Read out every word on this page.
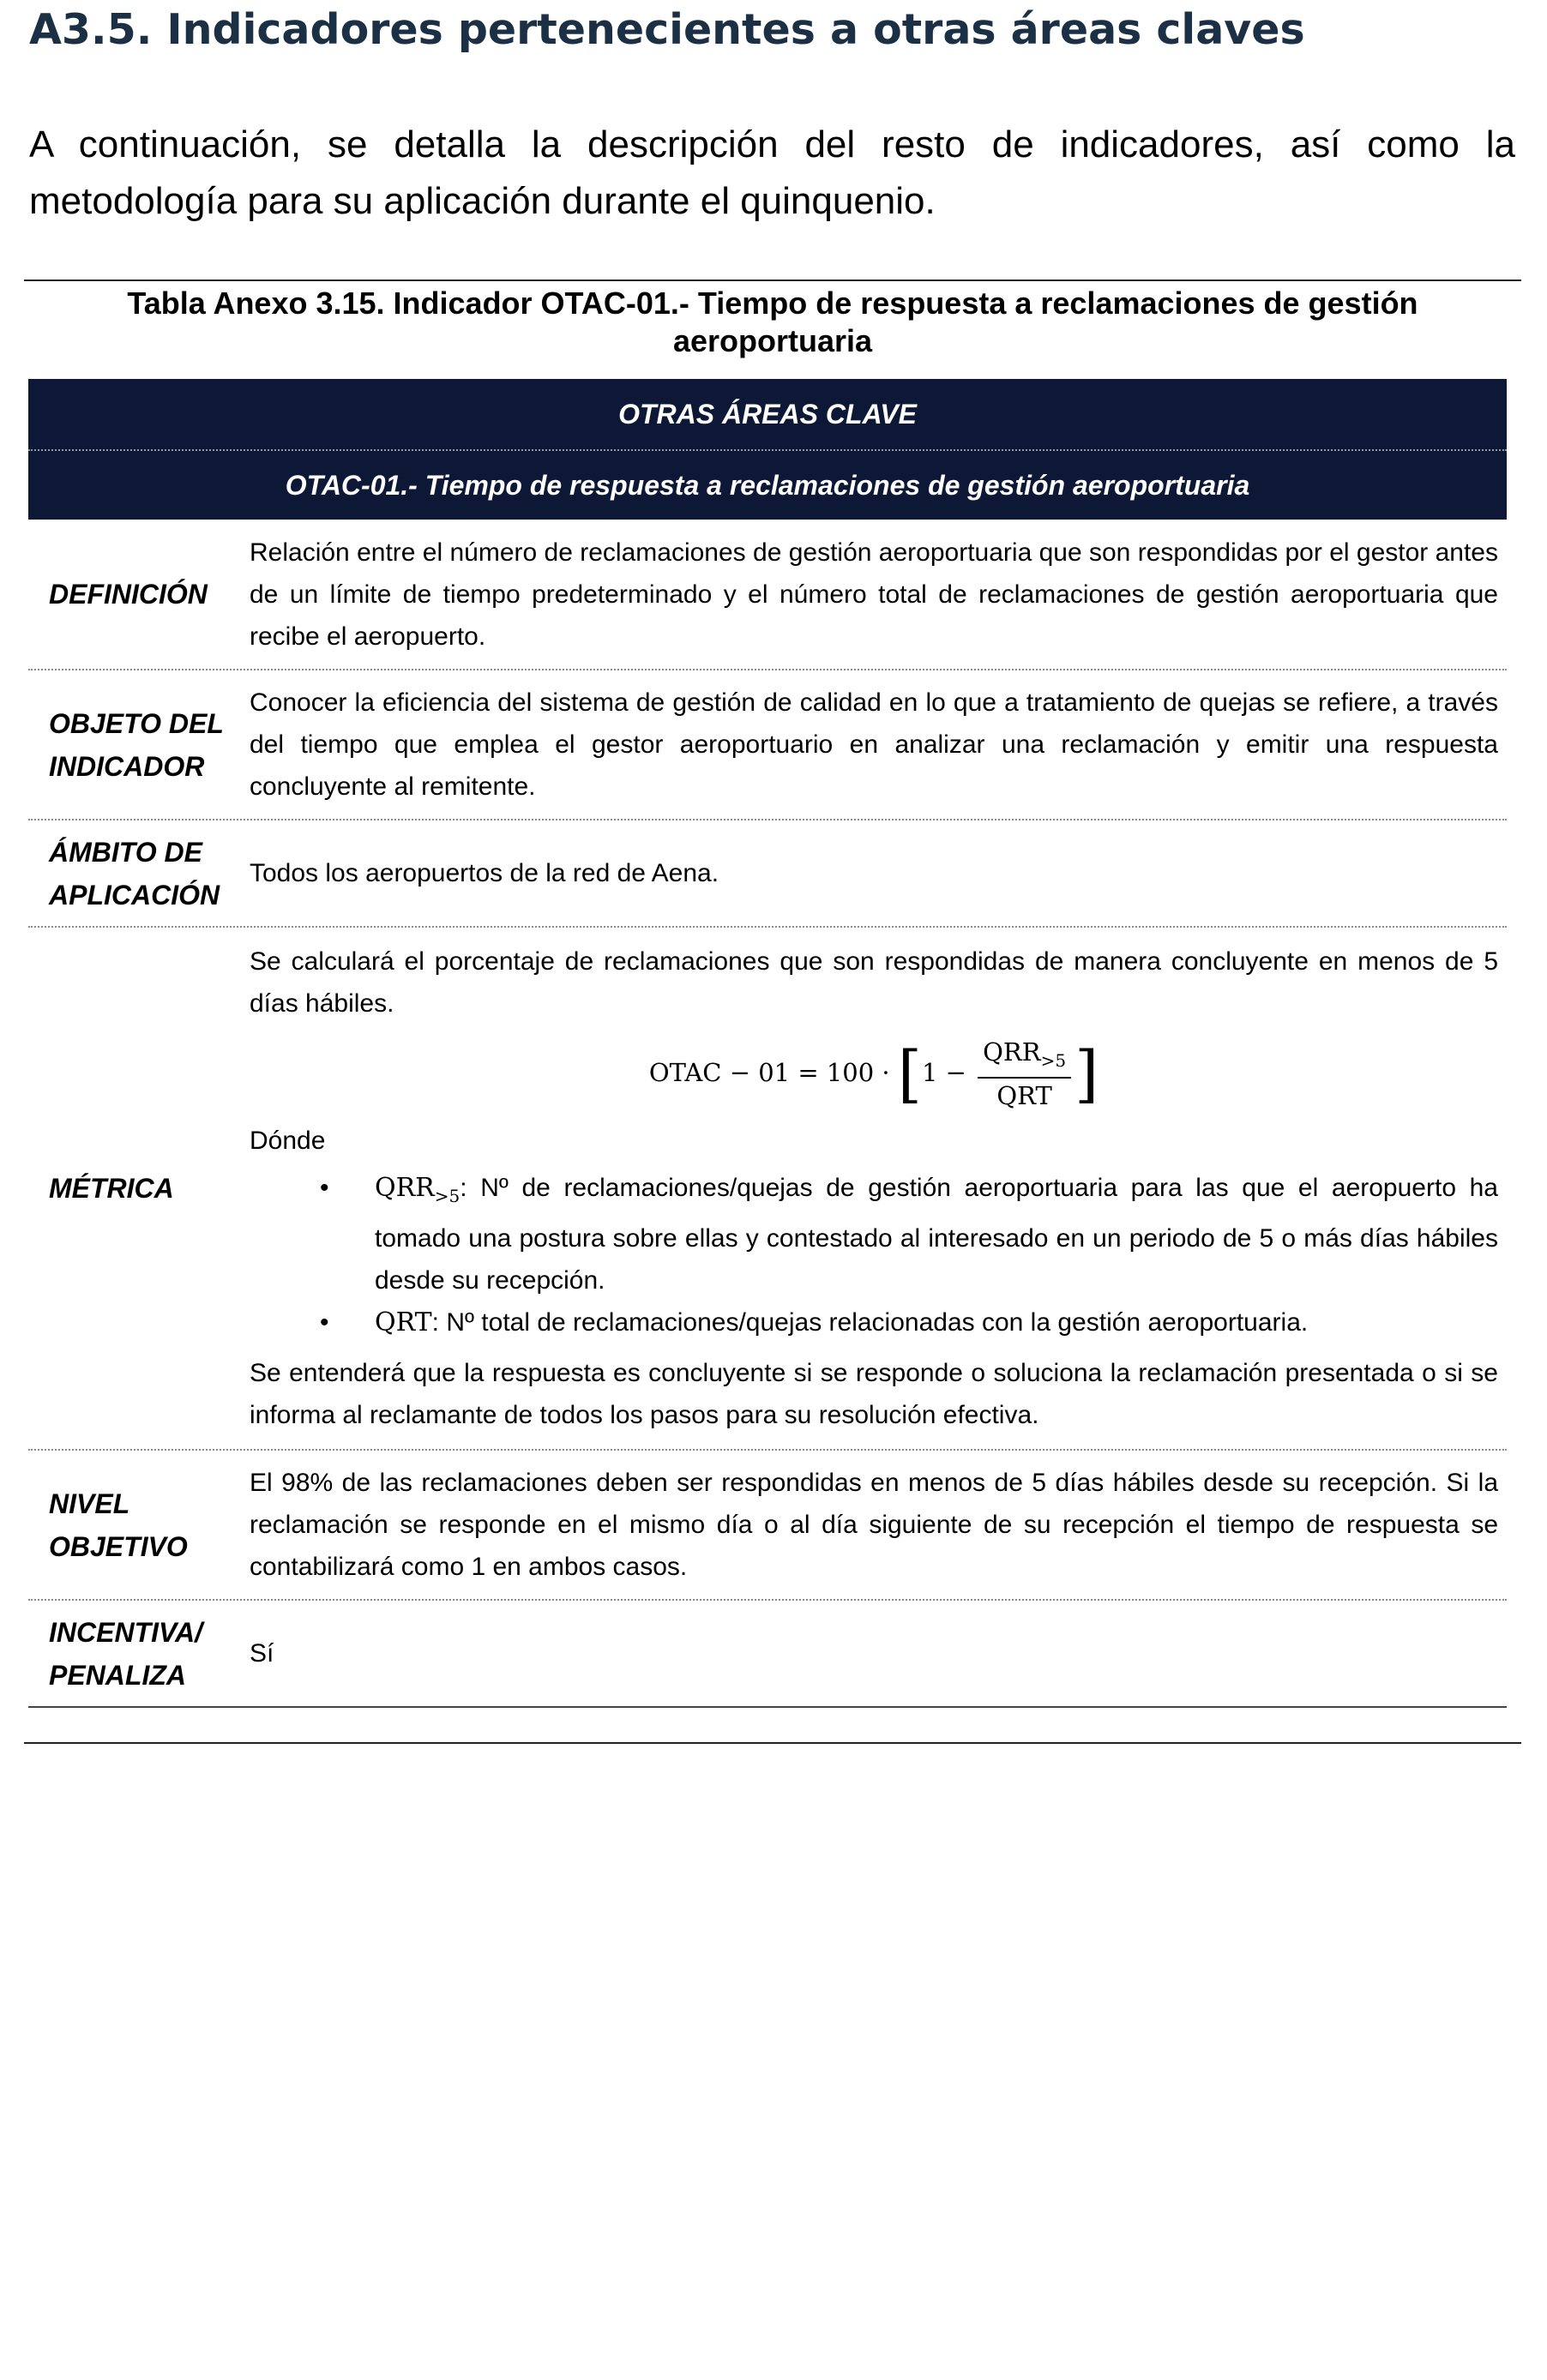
A3.5. Indicadores pertenecientes a otras áreas claves
A continuación, se detalla la descripción del resto de indicadores, así como la metodología para su aplicación durante el quinquenio.
Tabla Anexo 3.15. Indicador OTAC-01.- Tiempo de respuesta a reclamaciones de gestión aeroportuaria
OTRAS ÁREAS CLAVE
OTAC-01.- Tiempo de respuesta a reclamaciones de gestión aeroportuaria
DEFINICIÓN

Relación entre el número de reclamaciones de gestión aeroportuaria que son respondidas por el gestor antes de un límite de tiempo predeterminado y el número total de reclamaciones de gestión aeroportuaria que recibe el aeropuerto.

OBJETO DEL INDICADOR

Conocer la eficiencia del sistema de gestión de calidad en lo que a tratamiento de quejas se refiere, a través del tiempo que emplea el gestor aeroportuario en analizar una reclamación y emitir una respuesta concluyente al remitente.

ÁMBITO DE APLICACIÓN

Todos los aeropuertos de la red de Aena.

MÉTRICA

Se calculará el porcentaje de reclamaciones que son respondidas de manera concluyente en menos de 5 días hábiles.

OTAC − $01 = 100 \cdot [1 - \frac{QRR_{>5}}{\text{QRT}}$ ]

Dónde

• $QRR_{>5}$: Nº de reclamaciones/quejas de gestión aeroportuaria para las que el aeropuerto ha tomado una postura sobre ellas y contestado al interesado en un periodo de 5 o más días hábiles desde su recepción.
• QRT: Nº total de reclamaciones/quejas relacionadas con la gestión aeroportuaria.

Se entenderá que la respuesta es concluyente si se responde o soluciona la reclamación presentada o si se informa al reclamante de todos los pasos para su resolución efectiva.

NIVEL OBJETIVO

El 98% de las reclamaciones deben ser respondidas en menos de 5 días hábiles desde su recepción. Si la reclamación se responde en el mismo día o al día siguiente de su recepción el tiempo de respuesta se contabilizará como 1 en ambos casos.

INCENTIVA/ PENALIZA

Sí
